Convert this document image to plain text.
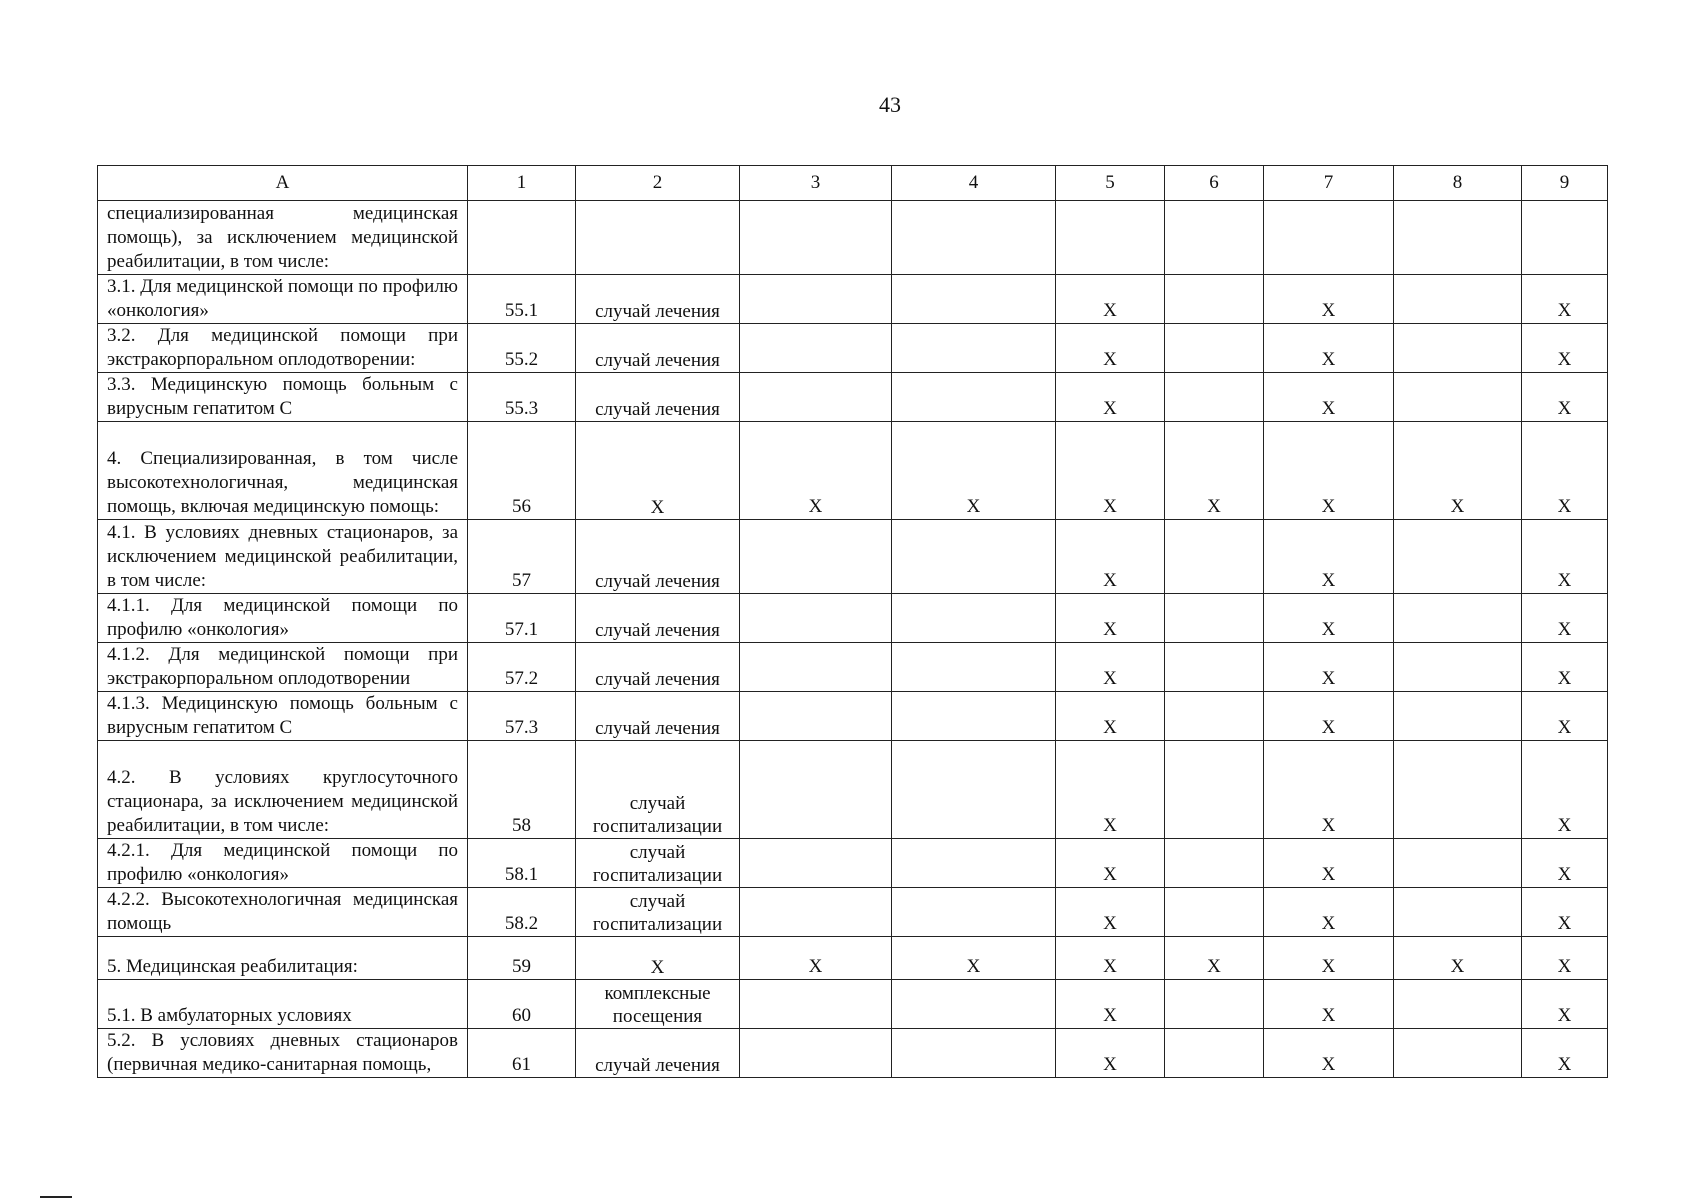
43
А	1	2	3	4	5	6	7	8	9
специализированная медицинская помощь), за исключением медицинской реабилитации, в том числе:									
3.1. Для медицинской помощи по профилю «онкология»	55.1	случай лечения			Х		Х		Х
3.2. Для медицинской помощи при экстракорпоральном оплодотворении:	55.2	случай лечения			Х		Х		Х
3.3. Медицинскую помощь больным с вирусным гепатитом С	55.3	случай лечения			Х		Х		Х
4. Специализированная, в том числе высокотехнологичная, медицинская помощь, включая медицинскую помощь:	56	Х	Х	Х	Х	Х	Х	Х	Х
4.1. В условиях дневных стационаров, за исключением медицинской реабилитации, в том числе:	57	случай лечения			Х		Х		Х
4.1.1. Для медицинской помощи по профилю «онкология»	57.1	случай лечения			Х		Х		Х
4.1.2. Для медицинской помощи при экстракорпоральном оплодотворении	57.2	случай лечения			Х		Х		Х
4.1.3. Медицинскую помощь больным с вирусным гепатитом С	57.3	случай лечения			Х		Х		Х
4.2. В условиях круглосуточного стационара, за исключением медицинской реабилитации, в том числе:	58	случай госпитализации			Х		Х		Х
4.2.1. Для медицинской помощи по профилю «онкология»	58.1	случай госпитализации			Х		Х		Х
4.2.2. Высокотехнологичная медицинская помощь	58.2	случай госпитализации			Х		Х		Х
5. Медицинская реабилитация:	59	Х	Х	Х	Х	Х	Х	Х	Х
5.1. В амбулаторных условиях	60	комплексные посещения			Х		Х		Х
5.2. В условиях дневных стационаров (первичная медико-санитарная помощь,	61	случай лечения			Х		Х		Х
